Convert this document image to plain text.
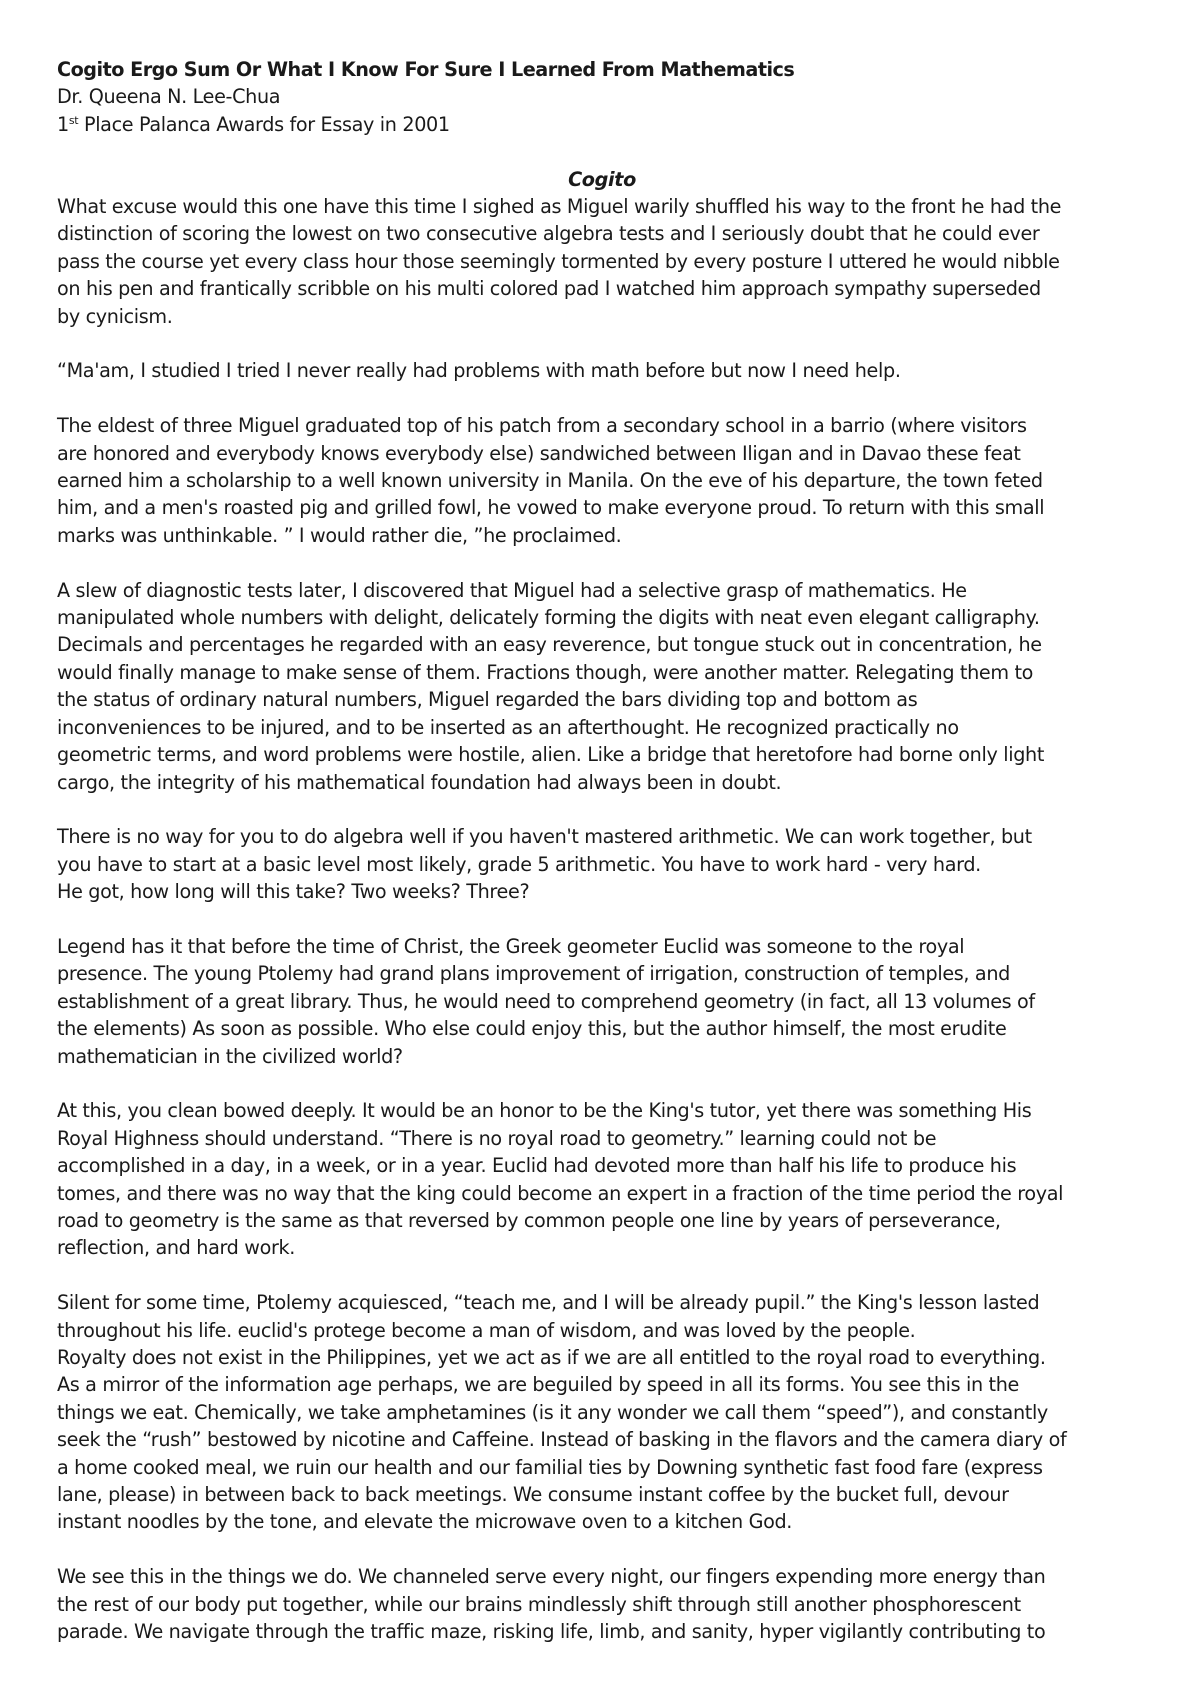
Cogito Ergo Sum Or What I Know For Sure I Learned From Mathematics
Dr. Queena N. Lee-Chua
1st Place Palanca Awards for Essay in 2001
Cogito
What excuse would this one have this time I sighed as Miguel warily shuffled his way to the front he had the
distinction of scoring the lowest on two consecutive algebra tests and I seriously doubt that he could ever
pass the course yet every class hour those seemingly tormented by every posture I uttered he would nibble
on his pen and frantically scribble on his multi colored pad I watched him approach sympathy superseded
by cynicism.
“Ma'am, I studied I tried I never really had problems with math before but now I need help.
The eldest of three Miguel graduated top of his patch from a secondary school in a barrio (where visitors
are honored and everybody knows everybody else) sandwiched between Iligan and in Davao these feat
earned him a scholarship to a well known university in Manila. On the eve of his departure, the town feted
him, and a men's roasted pig and grilled fowl, he vowed to make everyone proud. To return with this small
marks was unthinkable. ” I would rather die, ”he proclaimed.
A slew of diagnostic tests later, I discovered that Miguel had a selective grasp of mathematics. He
manipulated whole numbers with delight, delicately forming the digits with neat even elegant calligraphy.
Decimals and percentages he regarded with an easy reverence, but tongue stuck out in concentration, he
would finally manage to make sense of them. Fractions though, were another matter. Relegating them to
the status of ordinary natural numbers, Miguel regarded the bars dividing top and bottom as
inconveniences to be injured, and to be inserted as an afterthought. He recognized practically no
geometric terms, and word problems were hostile, alien. Like a bridge that heretofore had borne only light
cargo, the integrity of his mathematical foundation had always been in doubt.
There is no way for you to do algebra well if you haven't mastered arithmetic. We can work together, but
you have to start at a basic level most likely, grade 5 arithmetic. You have to work hard - very hard.
He got, how long will this take? Two weeks? Three?
Legend has it that before the time of Christ, the Greek geometer Euclid was someone to the royal
presence. The young Ptolemy had grand plans improvement of irrigation, construction of temples, and
establishment of a great library. Thus, he would need to comprehend geometry (in fact, all 13 volumes of
the elements) As soon as possible. Who else could enjoy this, but the author himself, the most erudite
mathematician in the civilized world?
At this, you clean bowed deeply. It would be an honor to be the King's tutor, yet there was something His
Royal Highness should understand. “There is no royal road to geometry.” learning could not be
accomplished in a day, in a week, or in a year. Euclid had devoted more than half his life to produce his
tomes, and there was no way that the king could become an expert in a fraction of the time period the royal
road to geometry is the same as that reversed by common people one line by years of perseverance,
reflection, and hard work.
Silent for some time, Ptolemy acquiesced, “teach me, and I will be already pupil.” the King's lesson lasted
throughout his life. euclid's protege become a man of wisdom, and was loved by the people.
Royalty does not exist in the Philippines, yet we act as if we are all entitled to the royal road to everything.
As a mirror of the information age perhaps, we are beguiled by speed in all its forms. You see this in the
things we eat. Chemically, we take amphetamines (is it any wonder we call them “speed”), and constantly
seek the “rush” bestowed by nicotine and Caffeine. Instead of basking in the flavors and the camera diary of
a home cooked meal, we ruin our health and our familial ties by Downing synthetic fast food fare (express
lane, please) in between back to back meetings. We consume instant coffee by the bucket full, devour
instant noodles by the tone, and elevate the microwave oven to a kitchen God.
We see this in the things we do. We channeled serve every night, our fingers expending more energy than
the rest of our body put together, while our brains mindlessly shift through still another phosphorescent
parade. We navigate through the traffic maze, risking life, limb, and sanity, hyper vigilantly contributing to
